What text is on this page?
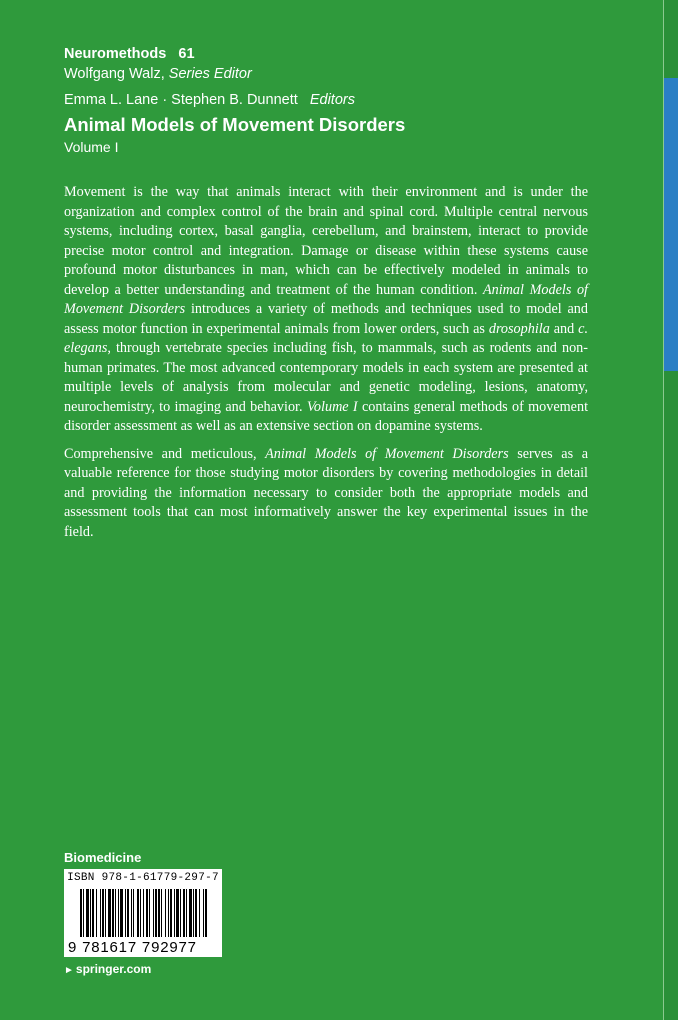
Neuromethods 61
Wolfgang Walz, Series Editor
Emma L. Lane · Stephen B. Dunnett Editors
Animal Models of Movement Disorders
Volume I

Movement is the way that animals interact with their environment and is under the organization and complex control of the brain and spinal cord. Multiple central nervous systems, including cortex, basal ganglia, cerebellum, and brainstem, interact to provide precise motor control and integration. Damage or disease within these systems cause profound motor disturbances in man, which can be effectively modeled in animals to develop a better understanding and treatment of the human condition. Animal Models of Movement Disorders introduces a variety of methods and techniques used to model and assess motor function in experimental animals from lower orders, such as drosophila and c. elegans, through vertebrate species including fish, to mammals, such as rodents and non-human primates. The most advanced contemporary models in each system are presented at multiple levels of analysis from molecular and genetic modeling, lesions, anatomy, neurochemistry, to imaging and behavior. Volume I contains general methods of movement disorder assessment as well as an extensive section on dopamine systems.

Comprehensive and meticulous, Animal Models of Movement Disorders serves as a valuable reference for those studying motor disorders by covering methodologies in detail and providing the information necessary to consider both the appropriate models and assessment tools that can most informatively answer the key experimental issues in the field.

Biomedicine
ISBN 978-1-61779-297-7
9 781617 792977
► springer.com
